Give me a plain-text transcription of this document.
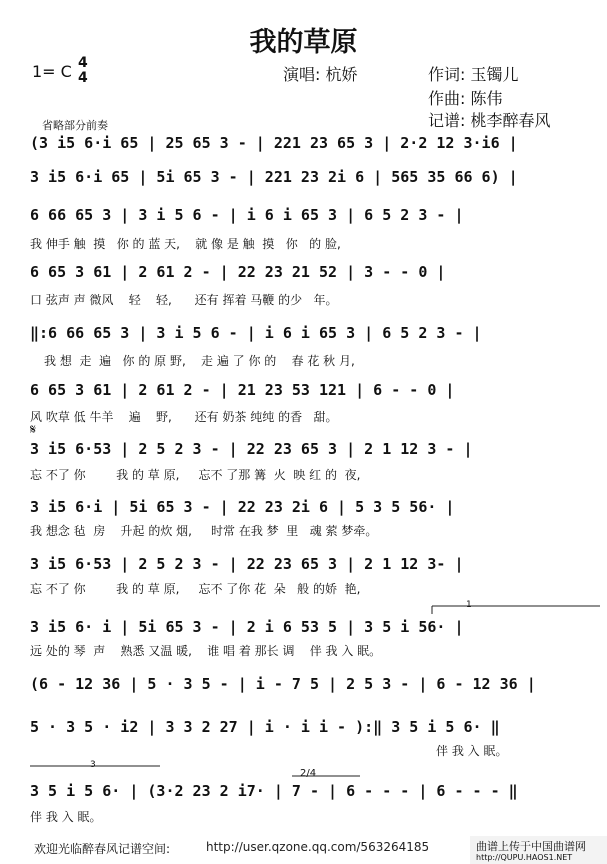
我的草原
1= C 4
4	演唱: 杭娇	作词: 玉镯儿
作曲: 陈伟
记谱: 桃李醉春风
省略部分前奏
(3 i5 6·i 65 | 25 65 3 - | 221 23 65 3 | 2·2 12 3·i6 |
3 i5 6·i 65 | 5i 65 3 - | 221 23 2i 6 | 565 35 66 6) |
6 66 65 3 | 3 i 5 6 - | i 6 i 65 3 | 6 5 2 3 - |
我 伸手 触  摸   你 的 蓝 天,    就 像 是 触  摸   你   的 脸,
6 65 3 61 | 2 61 2 - | 22 23 21 52 | 3 - - 0 |
口 弦声 声 微风    轻    轻,      还有 挥着 马鞭 的少   年。
‖:6 66 65 3 | 3 i 5 6 - | i 6 i 65 3 | 6 5 2 3 - |
我 想  走  遍   你 的 原 野,    走 遍 了 你 的    春 花 秋 月,
6 65 3 61 | 2 61 2 - | 21 23 53 121 | 6 - - 0 |
风 吹草 低 牛羊    遍    野,      还有 奶茶 纯纯 的香   甜。
𝄋
3 i5 6·53 | 2 5 2 3 - | 22 23 65 3 | 2 1 12 3 - |
忘 不了 你        我 的 草 原,     忘不 了那 篝  火  映 红 的  夜,
3 i5 6·i | 5i 65 3 - | 22 23 2i 6 | 5 3 5 56· |
我 想念 毡  房    升起 的炊 烟,     时常 在我 梦  里   魂 萦 梦牵。
3 i5 6·53 | 2 5 2 3 - | 22 23 65 3 | 2 1 12 3- |
忘 不了 你        我 的 草 原,     忘不 了你 花  朵   般 的娇  艳,
1
3 i5 6· i | 5i 65 3 - | 2 i 6 53 5 | 3 5 i 56· |
远 处的 琴  声    熟悉 又温 暖,    谁 唱 着 那长 调    伴 我 入 眠。
(6 - 12 36 | 5 · 3 5 - | i - 7 5 | 2 5 3 - | 6 - 12 36 |
5 · 3 5 · i2 | 3 3 2 27 | i · i i - ):‖ 3 5 i 5 6· ‖
伴 我 入 眠。
3
2/4
3 5 i 5 6· | (3·2 23 2 i7· | 7 - | 6 - - - | 6 - - - ‖
伴 我 入 眠。
欢迎光临醉春风记谱空间:	http://user.qzone.qq.com/563264185	曲谱上传于中国曲谱网
http://QUPU.HAOS1.NET
